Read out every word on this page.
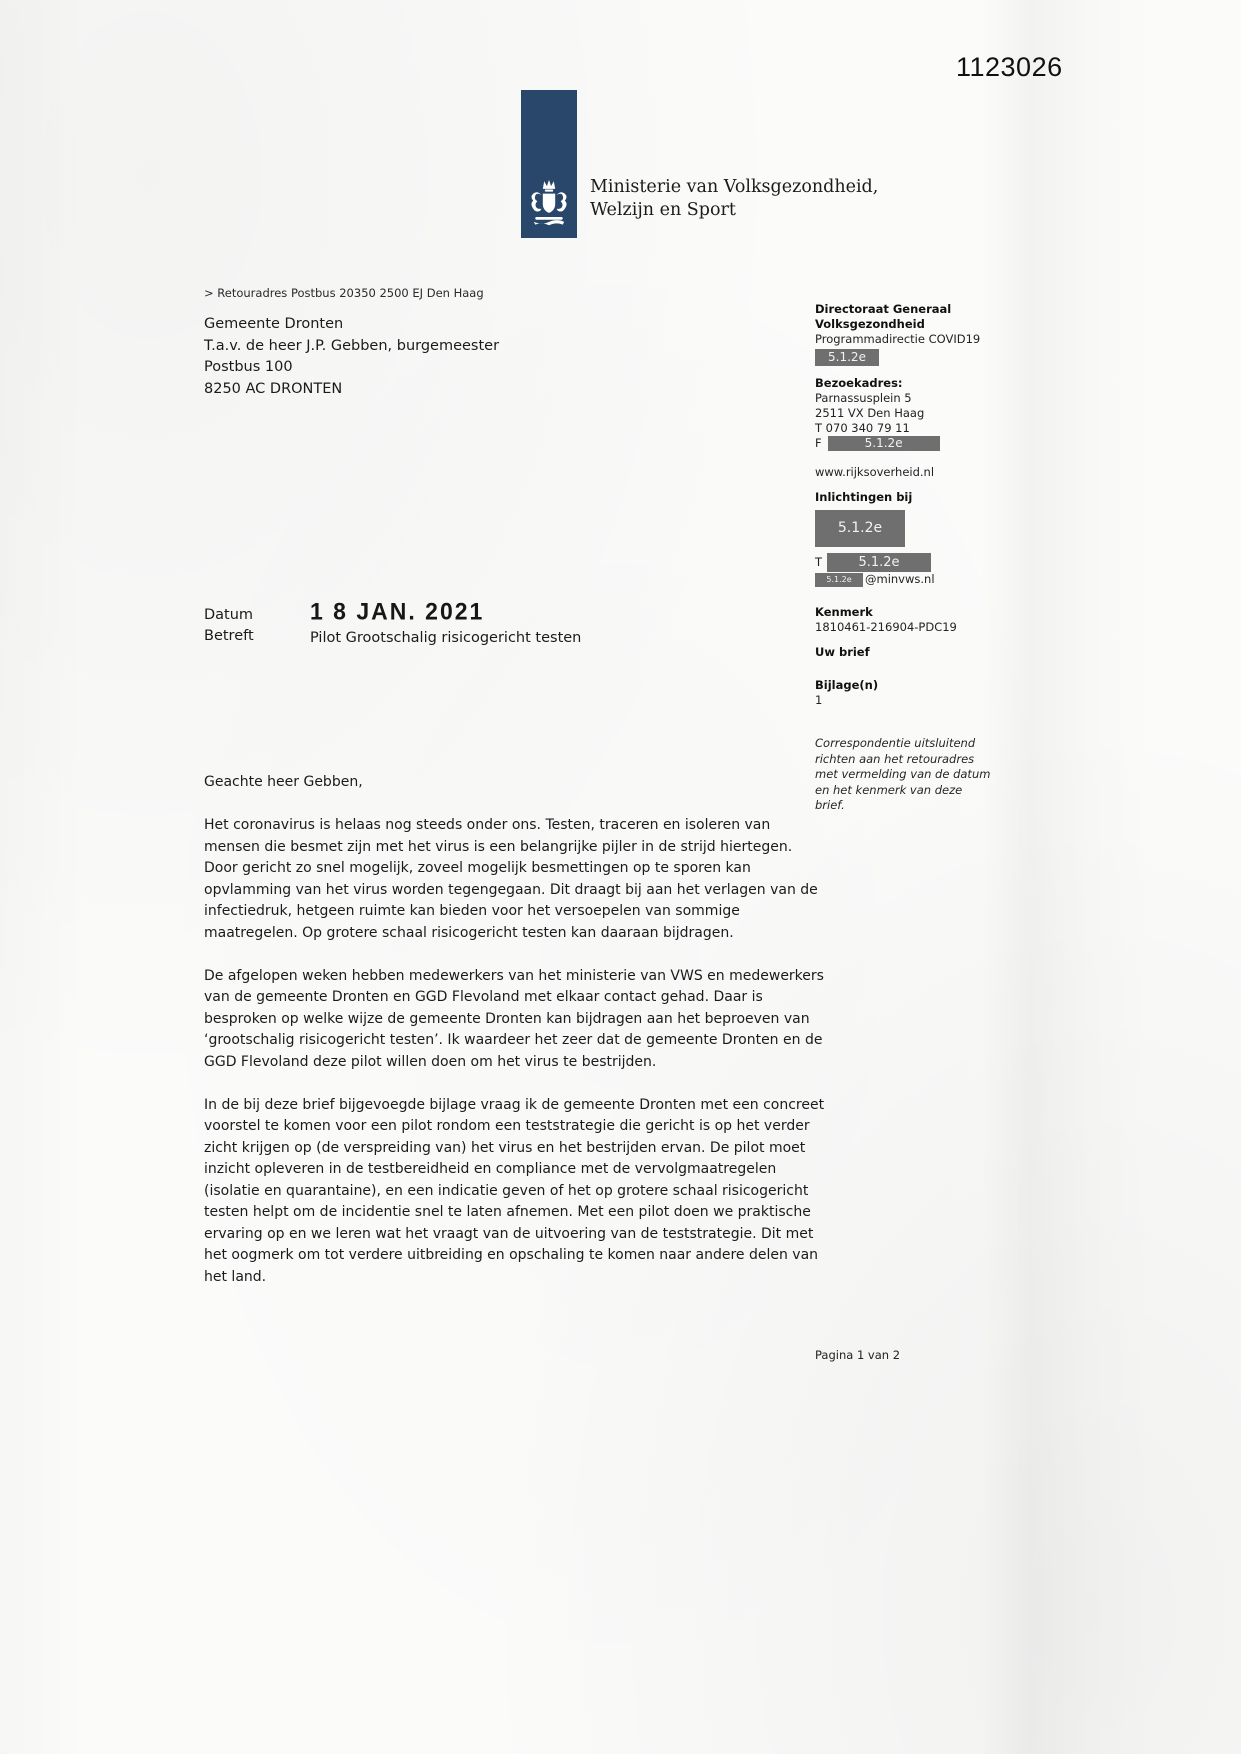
1123026
Ministerie van Volksgezondheid,
Welzijn en Sport
> Retouradres Postbus 20350 2500 EJ Den Haag
Gemeente Dronten
T.a.v. de heer J.P. Gebben, burgemeester
Postbus 100
8250 AC DRONTEN
Directoraat Generaal
Volksgezondheid
Programmadirectie COVID19
5.1.2e
Bezoekadres:
Parnassusplein 5
2511 VX Den Haag
T 070 340 79 11
F	5.1.2e
www.rijksoverheid.nl
Inlichtingen bij
5.1.2e
T	5.1.2e
5.1.2e @minvws.nl
Kenmerk
1810461-216904-PDC19
Uw brief
Bijlage(n)
1
Correspondentie uitsluitend richten aan het retouradres met vermelding van de datum en het kenmerk van deze brief.
Datum	1 8 JAN. 2021
Betreft	Pilot Grootschalig risicogericht testen

Geachte heer Gebben,

Het coronavirus is helaas nog steeds onder ons. Testen, traceren en isoleren van mensen die besmet zijn met het virus is een belangrijke pijler in de strijd hiertegen. Door gericht zo snel mogelijk, zoveel mogelijk besmettingen op te sporen kan opvlamming van het virus worden tegengegaan. Dit draagt bij aan het verlagen van de infectiedruk, hetgeen ruimte kan bieden voor het versoepelen van sommige maatregelen. Op grotere schaal risicogericht testen kan daaraan bijdragen.

De afgelopen weken hebben medewerkers van het ministerie van VWS en medewerkers van de gemeente Dronten en GGD Flevoland met elkaar contact gehad. Daar is besproken op welke wijze de gemeente Dronten kan bijdragen aan het beproeven van ‘grootschalig risicogericht testen’. Ik waardeer het zeer dat de gemeente Dronten en de GGD Flevoland deze pilot willen doen om het virus te bestrijden.

In de bij deze brief bijgevoegde bijlage vraag ik de gemeente Dronten met een concreet voorstel te komen voor een pilot rondom een teststrategie die gericht is op het verder zicht krijgen op (de verspreiding van) het virus en het bestrijden ervan. De pilot moet inzicht opleveren in de testbereidheid en compliance met de vervolgmaatregelen (isolatie en quarantaine), en een indicatie geven of het op grotere schaal risicogericht testen helpt om de incidentie snel te laten afnemen. Met een pilot doen we praktische ervaring op en we leren wat het vraagt van de uitvoering van de teststrategie. Dit met het oogmerk om tot verdere uitbreiding en opschaling te komen naar andere delen van het land.

Pagina 1 van 2
